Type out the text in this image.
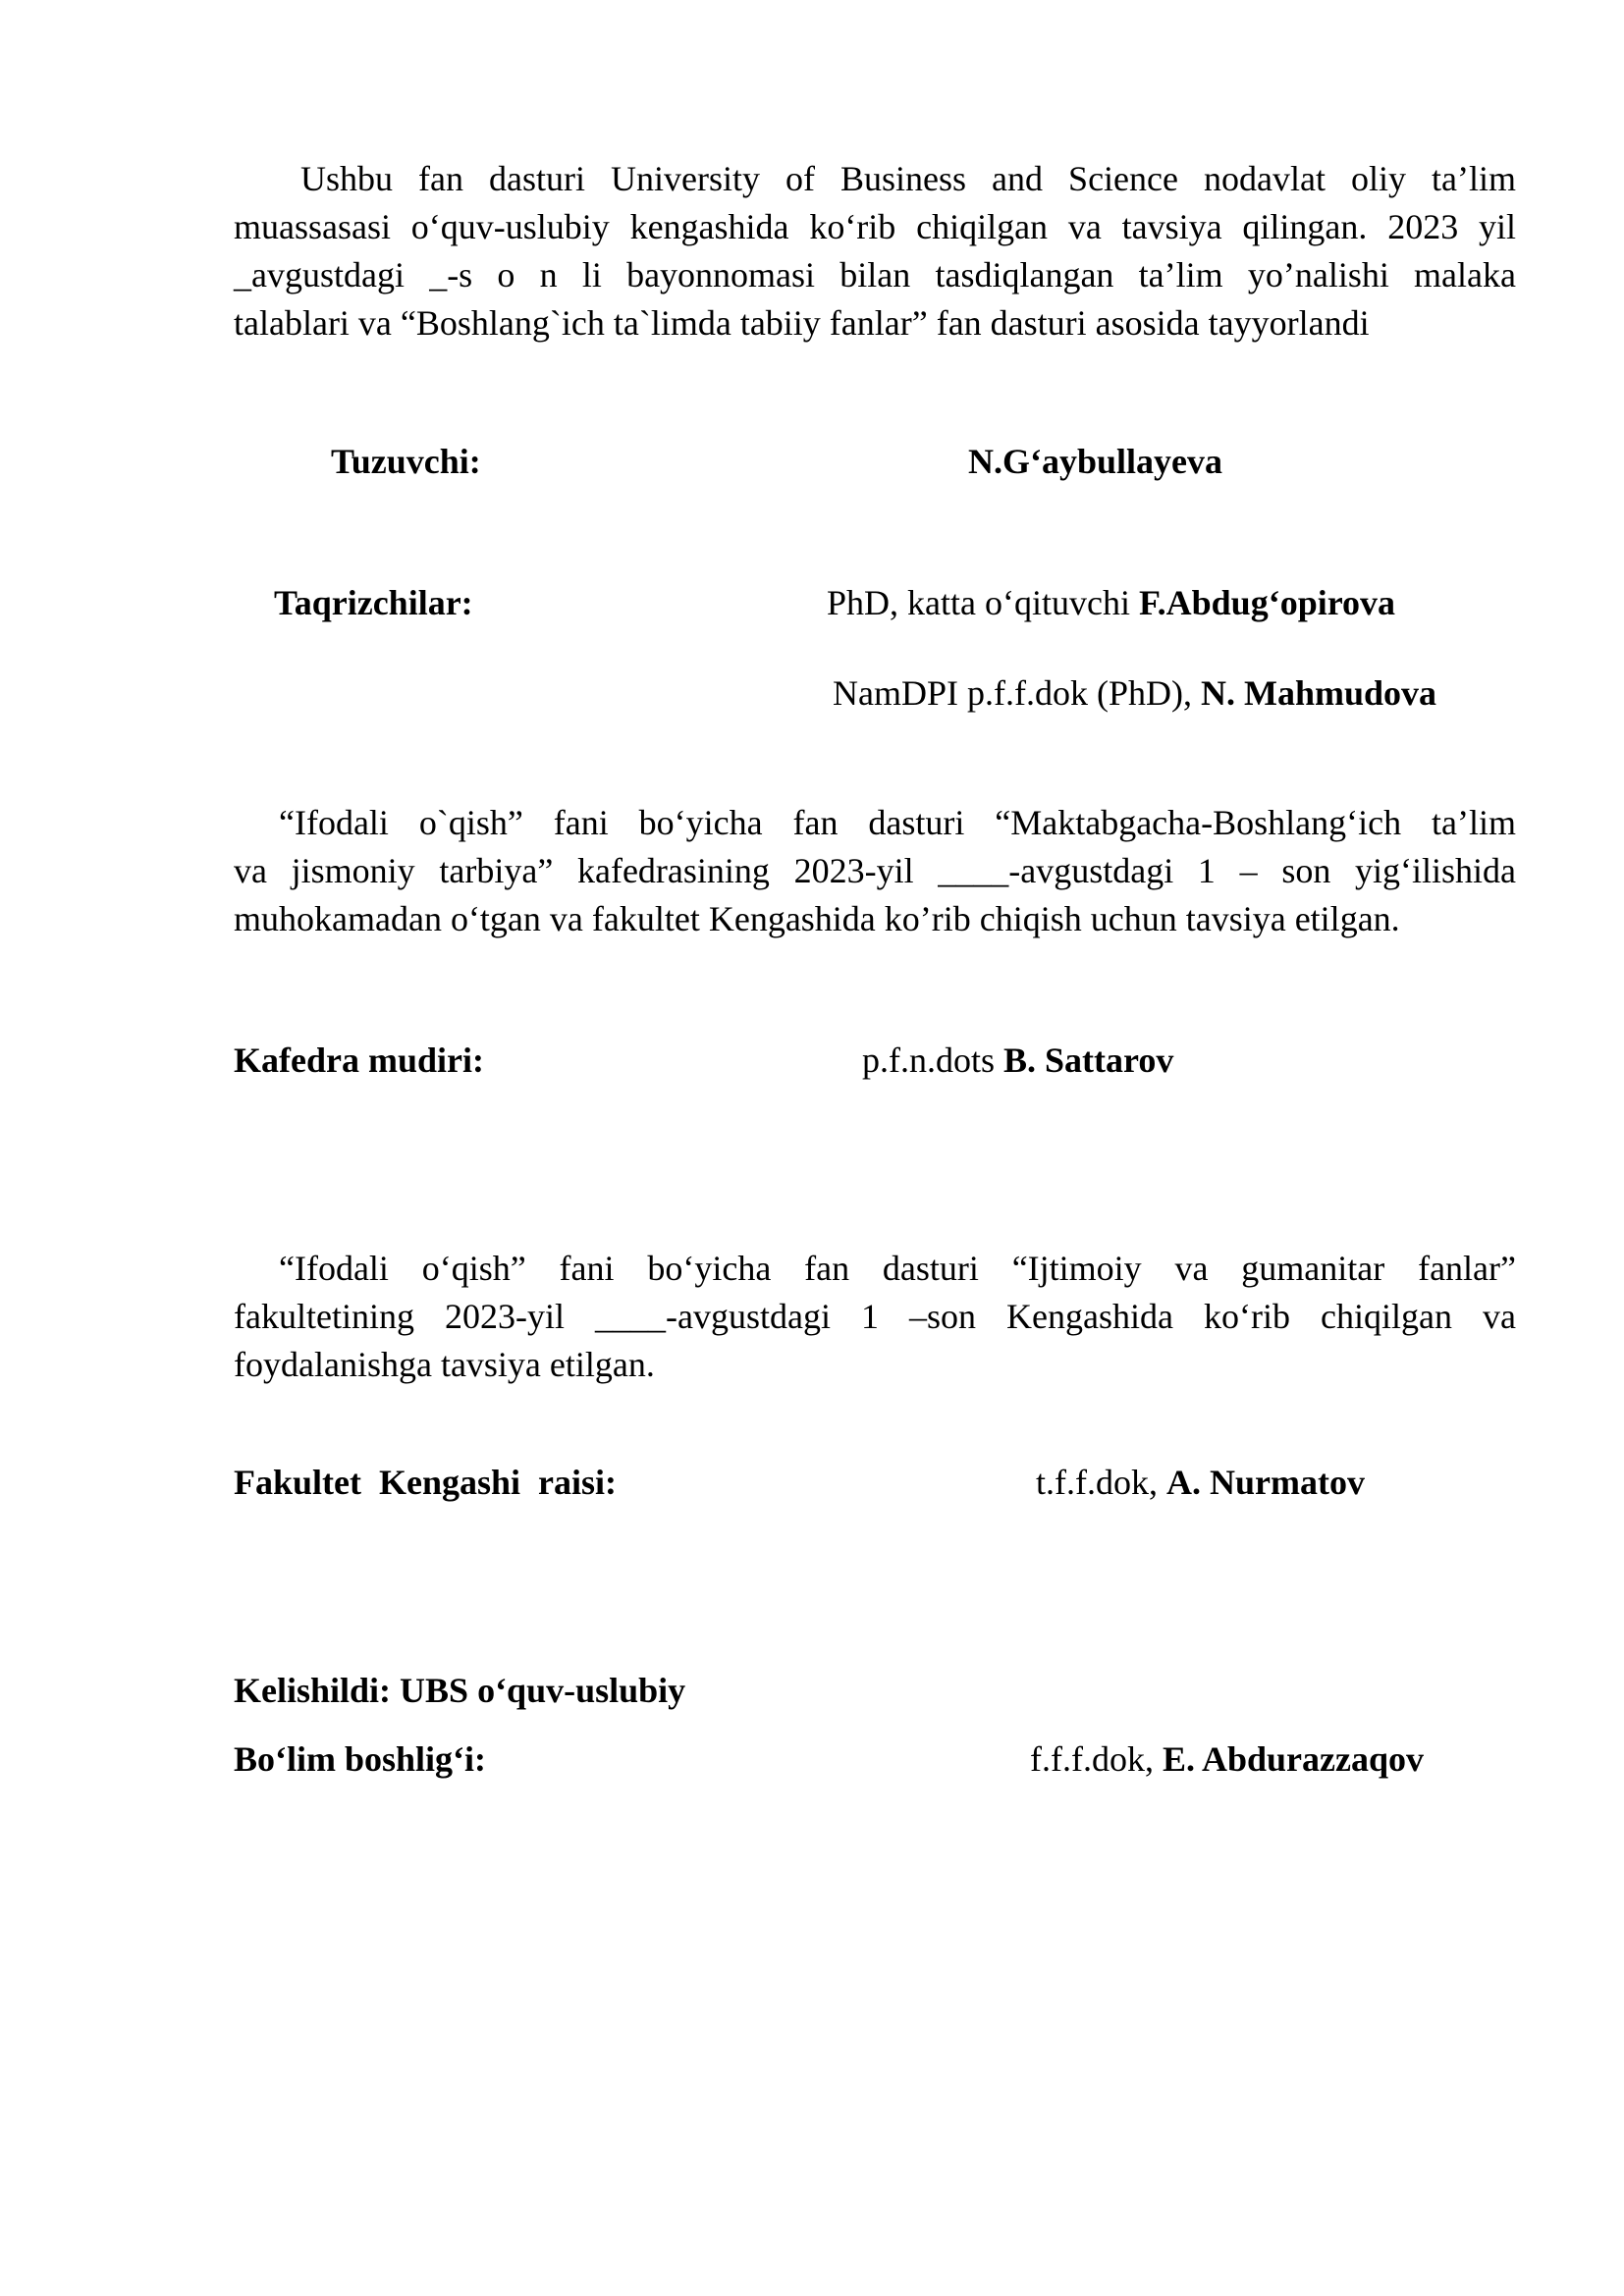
Ushbu fan dasturi University of Business and Science nodavlat oliy ta’lim
muassasasi o‘quv-uslubiy kengashida ko‘rib chiqilgan va tavsiya qilingan. 2023 yil
_avgustdagi _-s o n li bayonnomasi bilan tasdiqlangan ta’lim yo’nalishi malaka
talablari va “Boshlang`ich ta`limda tabiiy fanlar” fan dasturi asosida tayyorlandi
Tuzuvchi:	N.G‘aybullayeva
Taqrizchilar:	PhD, katta o‘qituvchi F.Abdug‘opirova
NamDPI p.f.f.dok (PhD), N. Mahmudova
“Ifodali o`qish” fani bo‘yicha fan dasturi “Maktabgacha-Boshlang‘ich ta’lim
va jismoniy tarbiya” kafedrasining 2023-yil ____-avgustdagi 1 – son yig‘ilishida
muhokamadan o‘tgan va fakultet Kengashida ko’rib chiqish uchun tavsiya etilgan.
Kafedra mudiri:	p.f.n.dots B. Sattarov
“Ifodali o‘qish” fani bo‘yicha fan dasturi “Ijtimoiy va gumanitar fanlar”
fakultetining 2023-yil ____-avgustdagi 1 –son Kengashida ko‘rib chiqilgan va
foydalanishga tavsiya etilgan.
Fakultet  Kengashi  raisi:	t.f.f.dok, A. Nurmatov
Kelishildi: UBS o‘quv-uslubiy
Bo‘lim boshlig‘i:	f.f.f.dok, E. Abdurazzaqov
